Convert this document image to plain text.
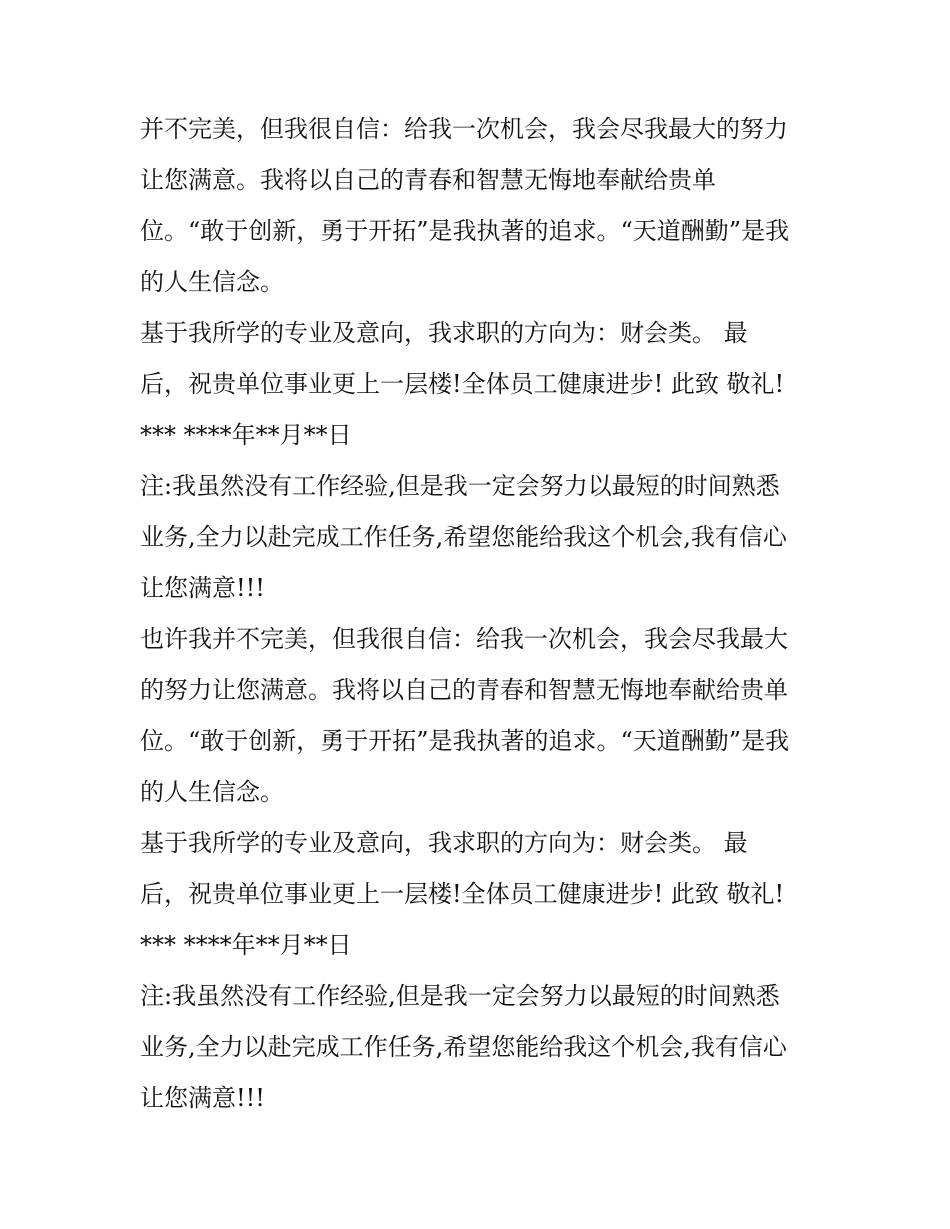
并不完美，但我很自信：给我一次机会，我会尽我最大的努力
让您满意。我将以自己的青春和智慧无悔地奉献给贵单
位。“敢于创新，勇于开拓”是我执著的追求。“天道酬勤”是我
的人生信念。
基于我所学的专业及意向，我求职的方向为：财会类。 最
后，祝贵单位事业更上一层楼!全体员工健康进步! 此致 敬礼!
*** ****年**月**日
注:我虽然没有工作经验,但是我一定会努力以最短的时间熟悉
业务,全力以赴完成工作任务,希望您能给我这个机会,我有信心
让您满意!!!
也许我并不完美，但我很自信：给我一次机会，我会尽我最大
的努力让您满意。我将以自己的青春和智慧无悔地奉献给贵单
位。“敢于创新，勇于开拓”是我执著的追求。“天道酬勤”是我
的人生信念。
基于我所学的专业及意向，我求职的方向为：财会类。 最
后，祝贵单位事业更上一层楼!全体员工健康进步! 此致 敬礼!
*** ****年**月**日
注:我虽然没有工作经验,但是我一定会努力以最短的时间熟悉
业务,全力以赴完成工作任务,希望您能给我这个机会,我有信心
让您满意!!!
